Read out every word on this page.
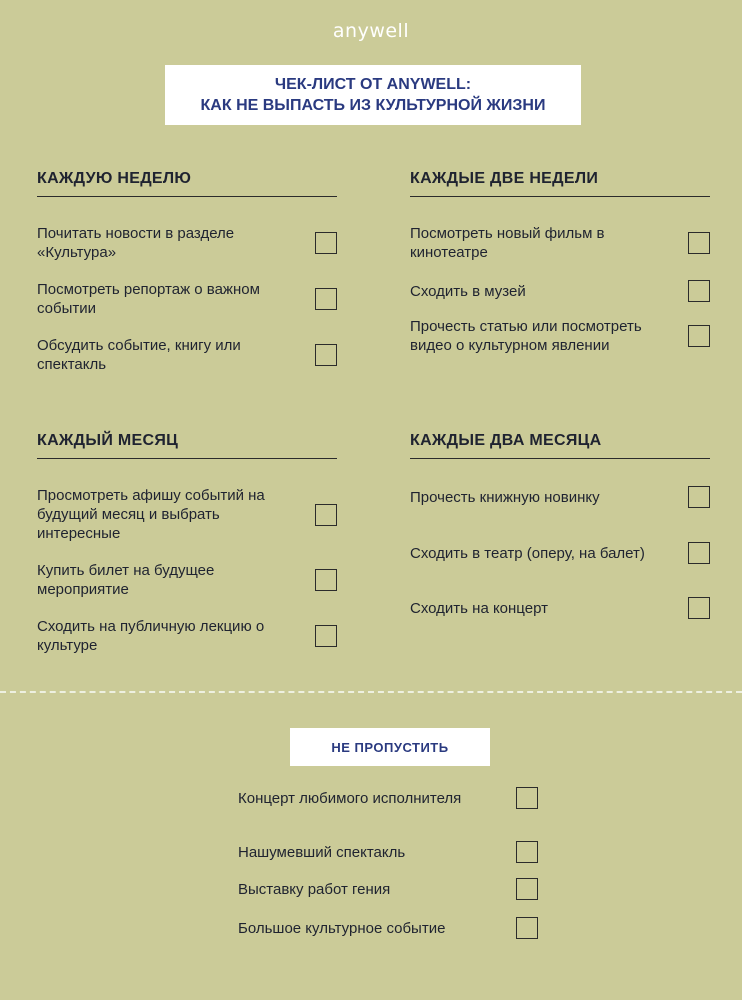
anywell
ЧЕК-ЛИСТ ОТ ANYWELL:
КАК НЕ ВЫПАСТЬ ИЗ КУЛЬТУРНОЙ ЖИЗНИ
КАЖДУЮ НЕДЕЛЮ
Почитать новости в разделе «Культура»
Посмотреть репортаж о важном событии
Обсудить событие, книгу или спектакль
КАЖДЫЕ ДВЕ НЕДЕЛИ
Посмотреть новый фильм в кинотеатре
Сходить в музей
Прочесть статью или посмотреть видео о культурном явлении
КАЖДЫЙ МЕСЯЦ
Просмотреть афишу событий на будущий месяц и выбрать интересные
Купить билет на будущее мероприятие
Сходить на публичную лекцию о культуре
КАЖДЫЕ ДВА МЕСЯЦА
Прочесть книжную новинку
Сходить в театр (оперу, на балет)
Сходить на концерт
НЕ ПРОПУСТИТЬ
Концерт любимого исполнителя
Нашумевший спектакль
Выставку работ гения
Большое культурное событие
